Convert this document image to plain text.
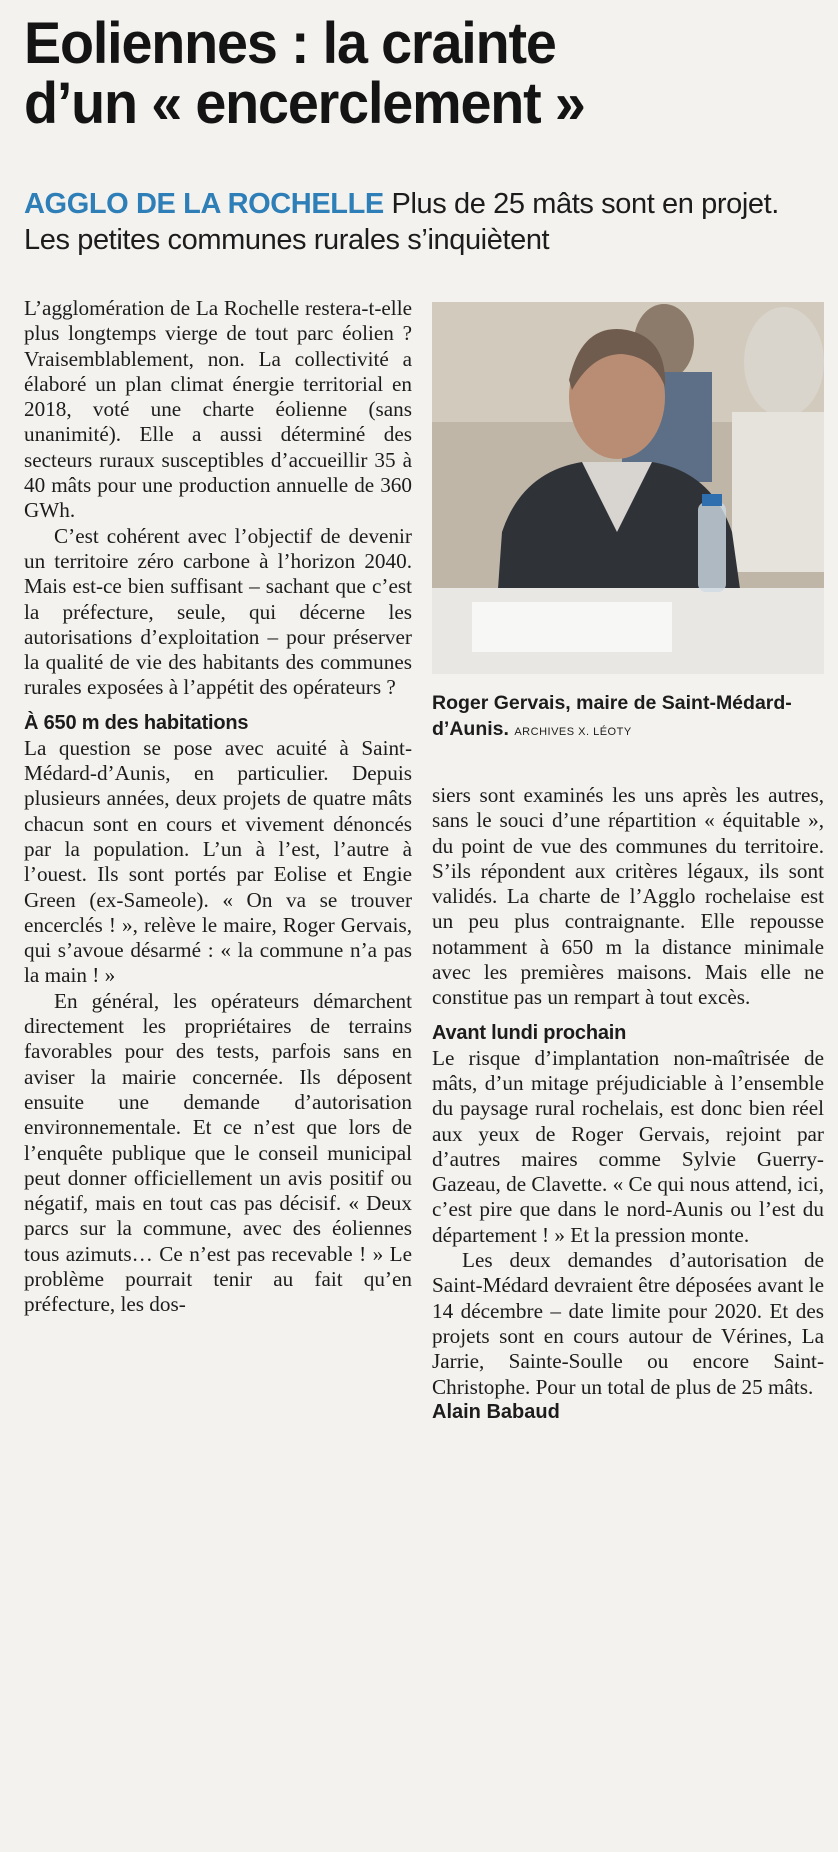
Eoliennes : la crainte
d’un « encerclement »
AGGLO DE LA ROCHELLE Plus de 25 mâts sont en projet. Les petites communes rurales s’inquiètent

L’agglomération de La Rochelle restera-t-elle plus longtemps vierge de tout parc éolien ? Vraisemblablement, non. La collectivité a élaboré un plan climat énergie territorial en 2018, voté une charte éolienne (sans unanimité). Elle a aussi déterminé des secteurs ruraux susceptibles d’accueillir 35 à 40 mâts pour une production annuelle de 360 GWh.

C’est cohérent avec l’objectif de devenir un territoire zéro carbone à l’horizon 2040. Mais est-ce bien suffisant – sachant que c’est la préfecture, seule, qui décerne les autorisations d’exploitation – pour préserver la qualité de vie des habitants des communes rurales exposées à l’appétit des opérateurs ?

À 650 m des habitations

La question se pose avec acuité à Saint-Médard-d’Aunis, en particulier. Depuis plusieurs années, deux projets de quatre mâts chacun sont en cours et vivement dénoncés par la population. L’un à l’est, l’autre à l’ouest. Ils sont portés par Eolise et Engie Green (ex-Sameole). « On va se trouver encerclés ! », relève le maire, Roger Gervais, qui s’avoue désarmé : « la commune n’a pas la main ! »

En général, les opérateurs démarchent directement les propriétaires de terrains favorables pour des tests, parfois sans en aviser la mairie concernée. Ils déposent ensuite une demande d’autorisation environnementale. Et ce n’est que lors de l’enquête publique que le conseil municipal peut donner officiellement un avis positif ou négatif, mais en tout cas pas décisif. « Deux parcs sur la commune, avec des éoliennes tous azimuts… Ce n’est pas recevable ! » Le problème pourrait tenir au fait qu’en préfecture, les dos-

Roger Gervais, maire de Saint-Médard-d’Aunis. ARCHIVES X. LÉOTY

siers sont examinés les uns après les autres, sans le souci d’une répartition « équitable », du point de vue des communes du territoire. S’ils répondent aux critères légaux, ils sont validés. La charte de l’Agglo rochelaise est un peu plus contraignante. Elle repousse notamment à 650 m la distance minimale avec les premières maisons. Mais elle ne constitue pas un rempart à tout excès.

Avant lundi prochain

Le risque d’implantation non-maîtrisée de mâts, d’un mitage préjudiciable à l’ensemble du paysage rural rochelais, est donc bien réel aux yeux de Roger Gervais, rejoint par d’autres maires comme Sylvie Guerry-Gazeau, de Clavette. « Ce qui nous attend, ici, c’est pire que dans le nord-Aunis ou l’est du département ! » Et la pression monte.

Les deux demandes d’autorisation de Saint-Médard devraient être déposées avant le 14 décembre – date limite pour 2020. Et des projets sont en cours autour de Vérines, La Jarrie, Sainte-Soulle ou encore Saint-Christophe. Pour un total de plus de 25 mâts.

Alain Babaud
